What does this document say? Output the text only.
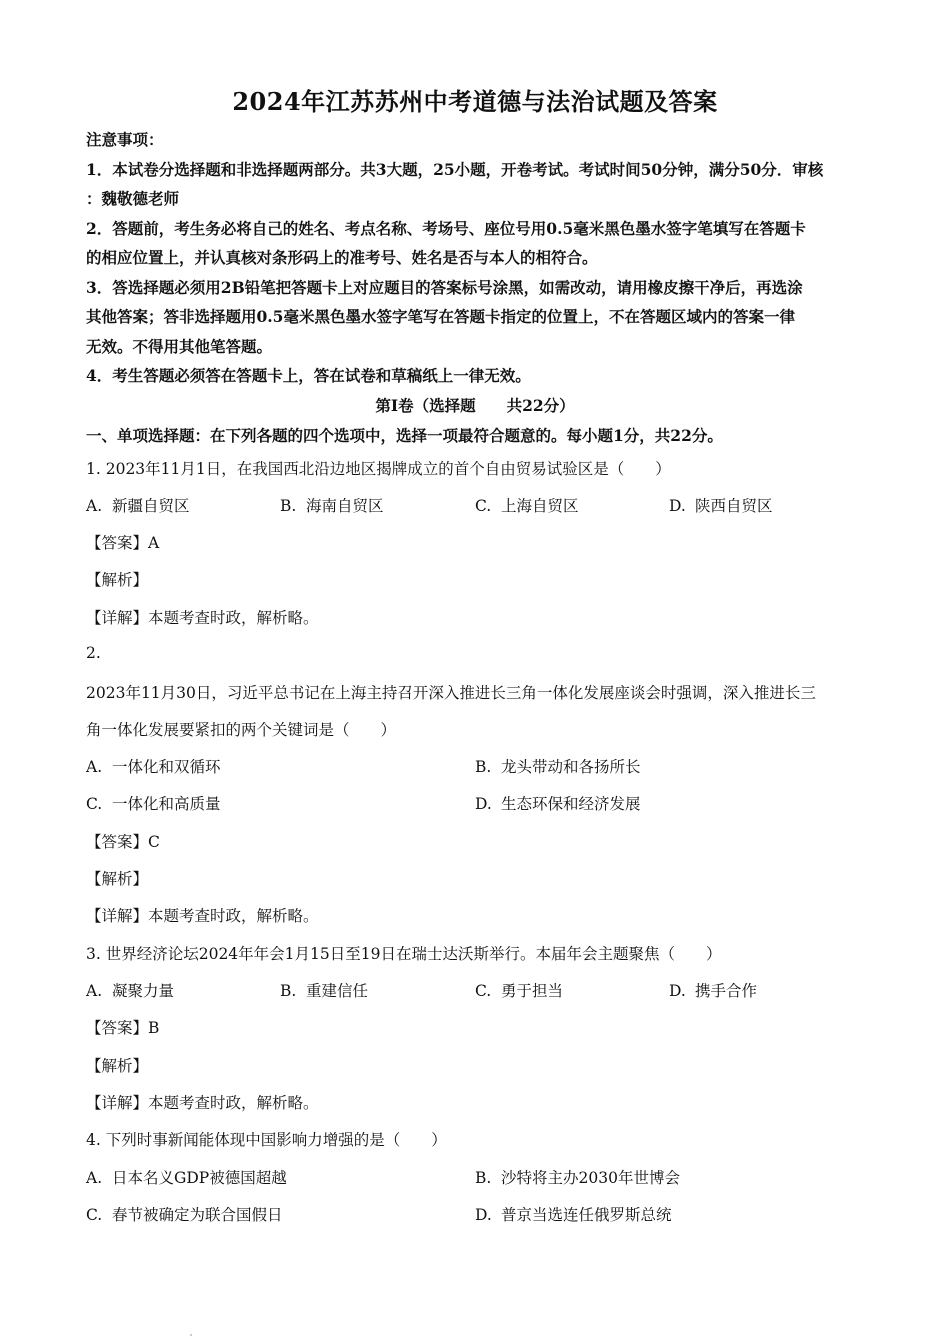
2024年江苏苏州中考道德与法治试题及答案
注意事项：
1．本试卷分选择题和非选择题两部分。共3大题，25小题，开卷考试。考试时间50分钟，满分50分．审核
：魏敬德老师
2．答题前，考生务必将自己的姓名、考点名称、考场号、座位号用0.5毫米黑色墨水签字笔填写在答题卡
的相应位置上，并认真核对条形码上的准考号、姓名是否与本人的相符合。
3．答选择题必须用2B铅笔把答题卡上对应题目的答案标号涂黑，如需改动，请用橡皮擦干净后，再选涂
其他答案；答非选择题用0.5毫米黑色墨水签字笔写在答题卡指定的位置上，不在答题区域内的答案一律
无效。不得用其他笔答题。
4．考生答题必须答在答题卡上，答在试卷和草稿纸上一律无效。
第I卷（选择题　　共22分）
一、单项选择题：在下列各题的四个选项中，选择一项最符合题意的。每小题1分，共22分。
1. 2023年11月1日，在我国西北沿边地区揭牌成立的首个自由贸易试验区是（　　）
A. 新疆自贸区	B. 海南自贸区	C. 上海自贸区	D. 陕西自贸区
【答案】A
【解析】
【详解】本题考查时政，解析略。
2.
2023年11月30日，习近平总书记在上海主持召开深入推进长三角一体化发展座谈会时强调，深入推进长三
角一体化发展要紧扣的两个关键词是（　　）
A. 一体化和双循环	B. 龙头带动和各扬所长
C. 一体化和高质量	D. 生态环保和经济发展
【答案】C
【解析】
【详解】本题考查时政，解析略。
3. 世界经济论坛2024年年会1月15日至19日在瑞士达沃斯举行。本届年会主题聚焦（　　）
A. 凝聚力量	B. 重建信任	C. 勇于担当	D. 携手合作
【答案】B
【解析】
【详解】本题考查时政，解析略。
4. 下列时事新闻能体现中国影响力增强的是（　　）
A. 日本名义GDP被德国超越	B. 沙特将主办2030年世博会
C. 春节被确定为联合国假日	D. 普京当选连任俄罗斯总统
